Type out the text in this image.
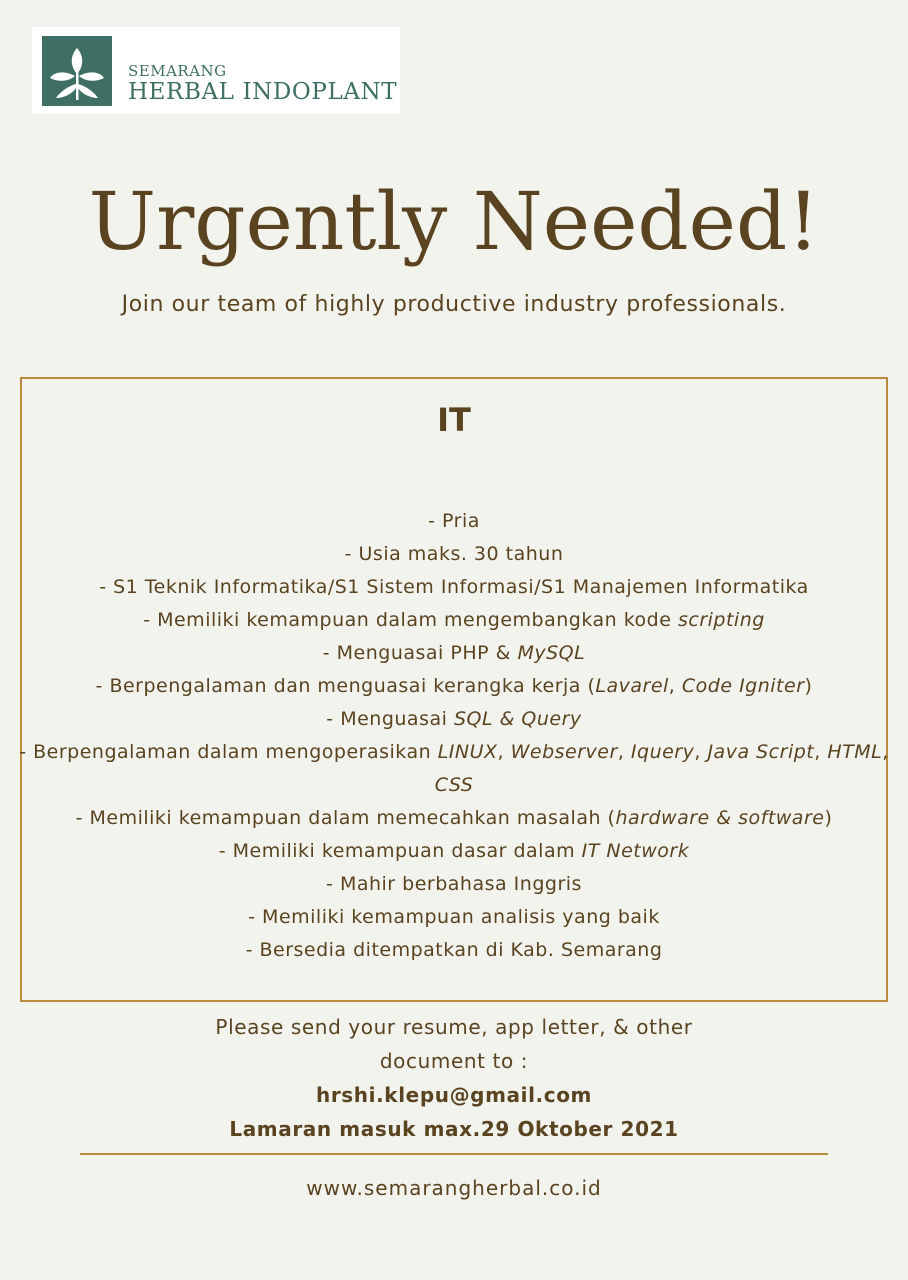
SEMARANG
HERBAL INDOPLANT
Urgently Needed!
Join our team of highly productive industry professionals.
IT
- Pria
- Usia maks. 30 tahun
- S1 Teknik Informatika/S1 Sistem Informasi/S1 Manajemen Informatika
- Memiliki kemampuan dalam mengembangkan kode scripting
- Menguasai PHP & MySQL
- Berpengalaman dan menguasai kerangka kerja (Lavarel, Code Igniter)
- Menguasai SQL & Query
- Berpengalaman dalam mengoperasikan LINUX, Webserver, Iquery, Java Script, HTML, CSS
- Memiliki kemampuan dalam memecahkan masalah (hardware & software)
- Memiliki kemampuan dasar dalam IT Network
- Mahir berbahasa Inggris
- Memiliki kemampuan analisis yang baik
- Bersedia ditempatkan di Kab. Semarang
Please send your resume, app letter, & other
document to :
hrshi.klepu@gmail.com
Lamaran masuk max.29 Oktober 2021
www.semarangherbal.co.id
